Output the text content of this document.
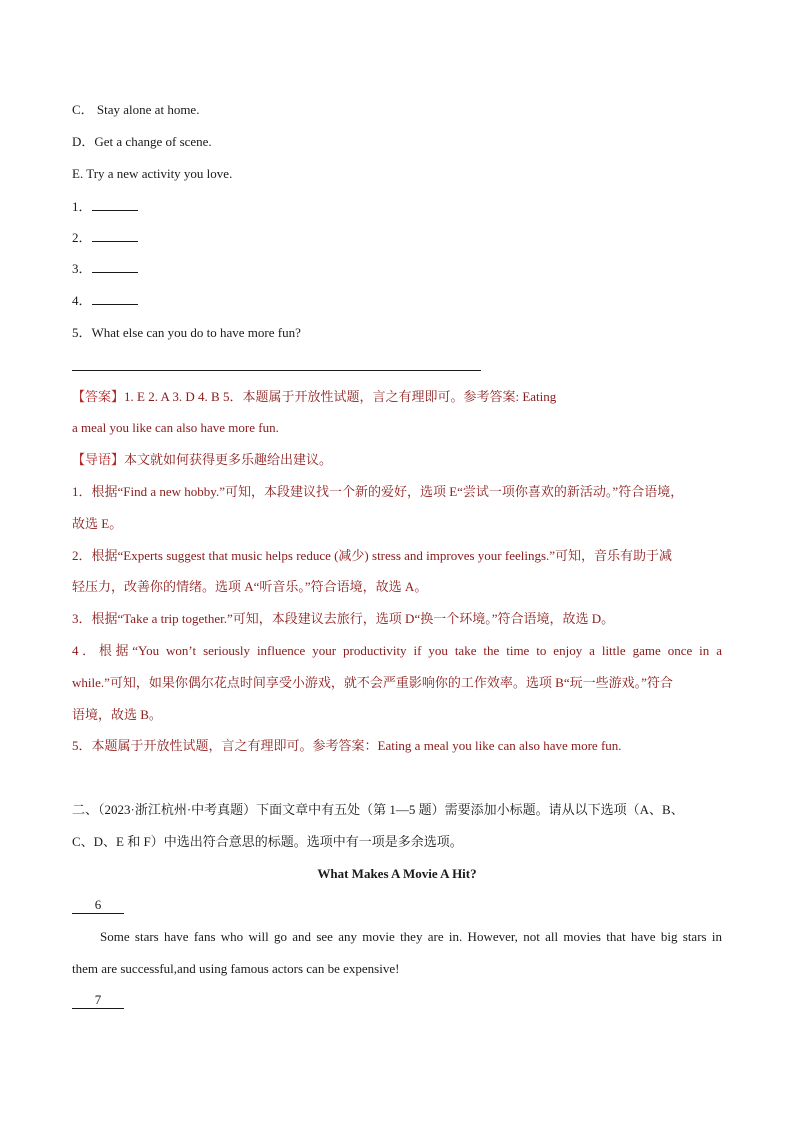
C． Stay alone at home.
D．Get a change of scene.
E. Try a new activity you love.
1．
2．
3．
4．
5．What else can you do to have more fun?
【答案】1. E 2. A 3. D 4. B 5．本题属于开放性试题，言之有理即可。参考答案: Eating
a meal you like can also have more fun.
【导语】本文就如何获得更多乐趣给出建议。
1．根据“Find a new hobby.”可知，本段建议找一个新的爱好，选项 E“尝试一项你喜欢的新活动。”符合语境，
故选 E。
2．根据“Experts suggest that music helps reduce (减少) stress and improves your feelings.”可知，音乐有助于减
轻压力，改善你的情绪。选项 A“听音乐。”符合语境，故选 A。
3．根据“Take a trip together.”可知，本段建议去旅行，选项 D“换一个环境。”符合语境，故选 D。
4．根据“You won’t seriously influence your productivity if you take the time to enjoy a little game once in a
while.”可知，如果你偶尔花点时间享受小游戏，就不会严重影响你的工作效率。选项 B“玩一些游戏。”符合
语境，故选 B。
5．本题属于开放性试题，言之有理即可。参考答案：Eating a meal you like can also have more fun.
二、（2023·浙江杭州·中考真题）下面文章中有五处（第 1—5 题）需要添加小标题。请从以下选项（A、B、
C、D、E 和 F）中选出符合意思的标题。选项中有一项是多余选项。
What Makes A Movie A Hit?
6
Some stars have fans who will go and see any movie they are in. However, not all movies that have big stars in
them are successful,and using famous actors can be expensive!
7
